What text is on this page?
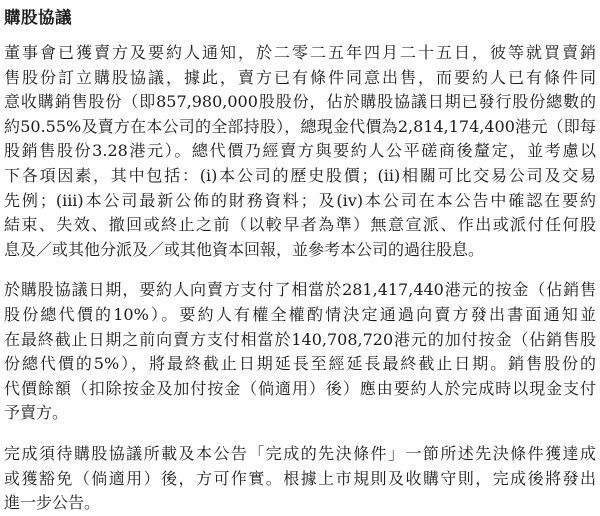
購股協議
董事會已獲賣方及要約人通知，於二零二五年四月二十五日，彼等就買賣銷
售股份訂立購股協議，據此，賣方已有條件同意出售，而要約人已有條件同
意收購銷售股份（即857,980,000股股份，佔於購股協議日期已發行股份總數的
約50.55%及賣方在本公司的全部持股），總現金代價為2,814,174,400港元（即每
股銷售股份3.28港元）。總代價乃經賣方與要約人公平磋商後釐定，並考慮以
下各項因素，其中包括：(i)本公司的歷史股價；(ii)相關可比交易公司及交易
先例；(iii)本公司最新公佈的財務資料；及(iv)本公司在本公告中確認在要約
結束、失效、撤回或終止之前（以較早者為準）無意宣派、作出或派付任何股
息及／或其他分派及／或其他資本回報，並參考本公司的過往股息。
於購股協議日期，要約人向賣方支付了相當於281,417,440港元的按金（佔銷售
股份總代價的10%）。要約人有權全權酌情決定通過向賣方發出書面通知並
在最終截止日期之前向賣方支付相當於140,708,720港元的加付按金（佔銷售股
份總代價的5%），將最終截止日期延長至經延長最終截止日期。銷售股份的
代價餘額（扣除按金及加付按金（倘適用）後）應由要約人於完成時以現金支付
予賣方。
完成須待購股協議所載及本公告「完成的先決條件」一節所述先決條件獲達成
或獲豁免（倘適用）後，方可作實。根據上市規則及收購守則，完成後將發出
進一步公告。
